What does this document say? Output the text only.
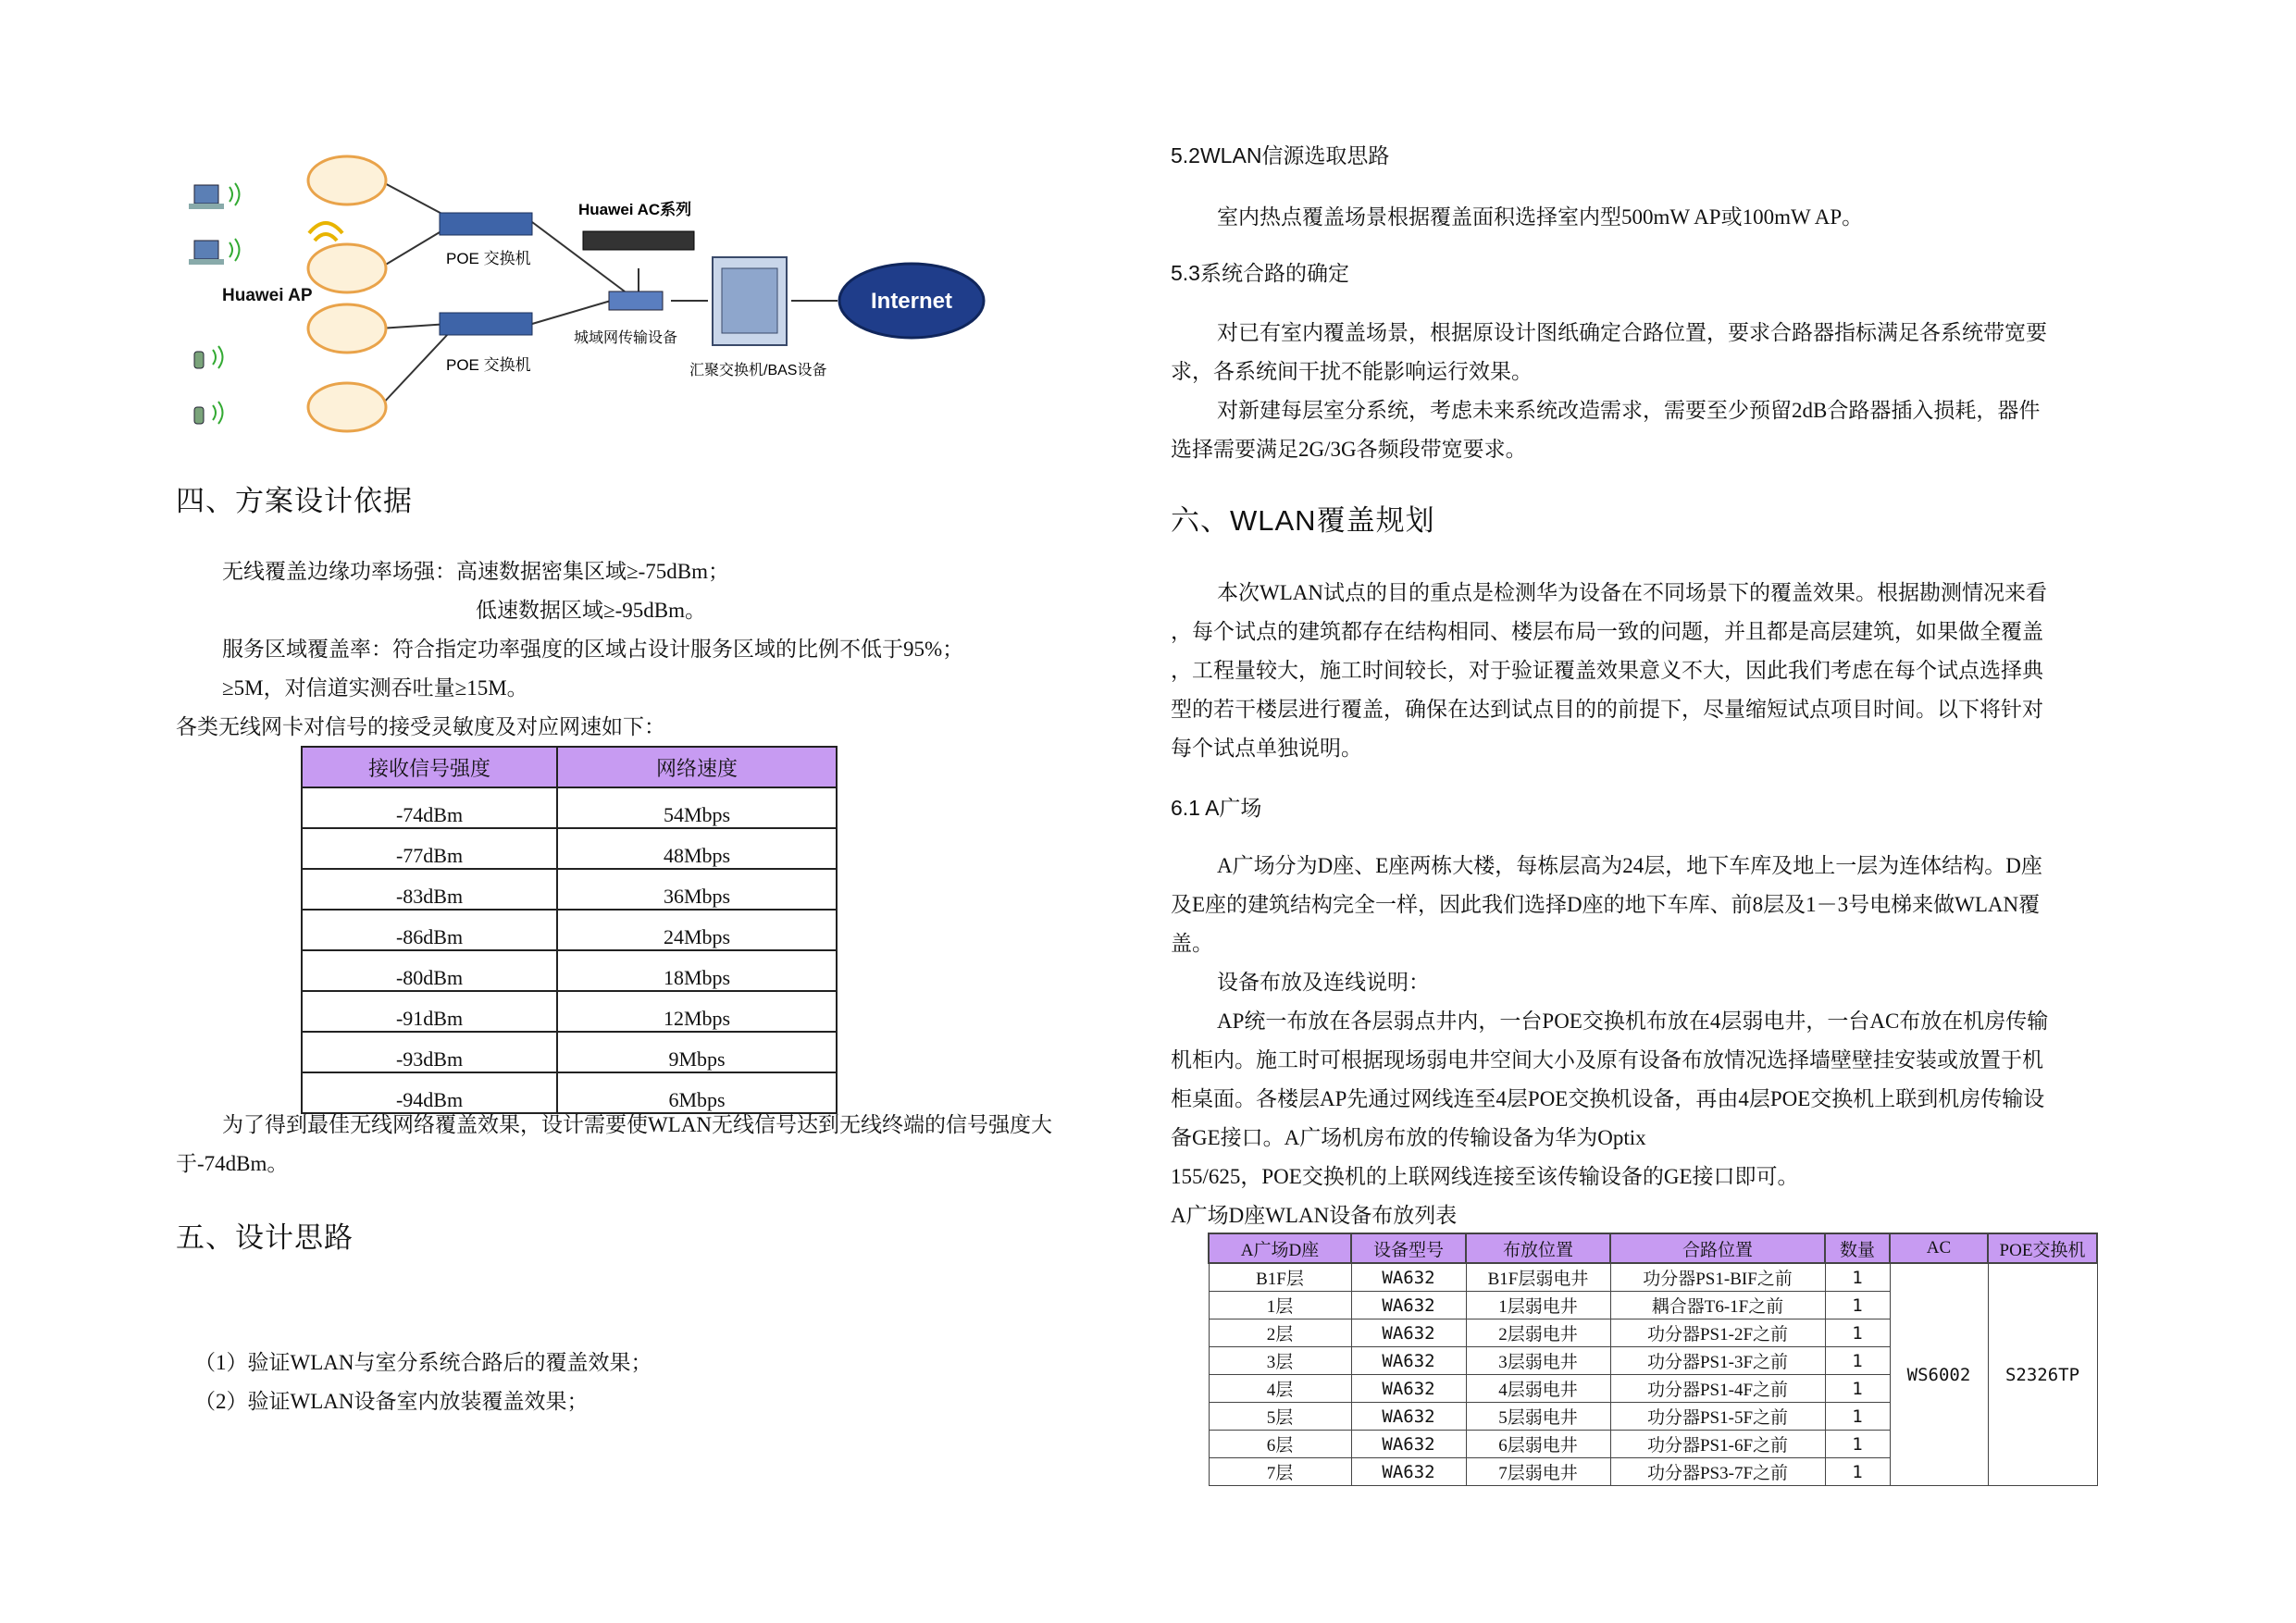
Huawei AP
POE 交换机
POE 交换机
Huawei AC系列
城域网传输设备
汇聚交换机/BAS设备
Internet
四、方案设计依据
无线覆盖边缘功率场强：高速数据密集区域≥-75dBm；
低速数据区域≥-95dBm。
服务区域覆盖率：符合指定功率强度的区域占设计服务区域的比例不低于95%；
≥5M，对信道实测吞吐量≥15M。
各类无线网卡对信号的接受灵敏度及对应网速如下：
接收信号强度	网络速度
-74dBm	54Mbps
-77dBm	48Mbps
-83dBm	36Mbps
-86dBm	24Mbps
-80dBm	18Mbps
-91dBm	12Mbps
-93dBm	9Mbps
-94dBm	6Mbps
为了得到最佳无线网络覆盖效果，设计需要使WLAN无线信号达到无线终端的信号强度大
于-74dBm。
五、设计思路
（1）验证WLAN与室分系统合路后的覆盖效果；
（2）验证WLAN设备室内放装覆盖效果；
5.2WLAN信源选取思路
室内热点覆盖场景根据覆盖面积选择室内型500mW AP或100mW AP。
5.3系统合路的确定
对已有室内覆盖场景，根据原设计图纸确定合路位置，要求合路器指标满足各系统带宽要
求，各系统间干扰不能影响运行效果。
对新建每层室分系统，考虑未来系统改造需求，需要至少预留2dB合路器插入损耗，器件
选择需要满足2G/3G各频段带宽要求。
六、WLAN覆盖规划
本次WLAN试点的目的重点是检测华为设备在不同场景下的覆盖效果。根据勘测情况来看
，每个试点的建筑都存在结构相同、楼层布局一致的问题，并且都是高层建筑，如果做全覆盖
，工程量较大，施工时间较长，对于验证覆盖效果意义不大，因此我们考虑在每个试点选择典
型的若干楼层进行覆盖，确保在达到试点目的的前提下，尽量缩短试点项目时间。以下将针对
每个试点单独说明。
6.1 A广场
A广场分为D座、E座两栋大楼，每栋层高为24层，地下车库及地上一层为连体结构。D座
及E座的建筑结构完全一样，因此我们选择D座的地下车库、前8层及1－3号电梯来做WLAN覆
盖。
设备布放及连线说明：
AP统一布放在各层弱点井内，一台POE交换机布放在4层弱电井，一台AC布放在机房传输
机柜内。施工时可根据现场弱电井空间大小及原有设备布放情况选择墙壁壁挂安装或放置于机
柜桌面。各楼层AP先通过网线连至4层POE交换机设备，再由4层POE交换机上联到机房传输设
备GE接口。A广场机房布放的传输设备为华为Optix
155/625，POE交换机的上联网线连接至该传输设备的GE接口即可。
A广场D座WLAN设备布放列表
A广场D座	设备型号	布放位置	合路位置	数量	AC	POE交换机
B1F层	WA632	B1F层弱电井	功分器PS1-BIF之前	1	WS6002	S2326TP
1层	WA632	1层弱电井	耦合器T6-1F之前	1		
2层	WA632	2层弱电井	功分器PS1-2F之前	1		
3层	WA632	3层弱电井	功分器PS1-3F之前	1		
4层	WA632	4层弱电井	功分器PS1-4F之前	1		
5层	WA632	5层弱电井	功分器PS1-5F之前	1		
6层	WA632	6层弱电井	功分器PS1-6F之前	1		
7层	WA632	7层弱电井	功分器PS3-7F之前	1		
